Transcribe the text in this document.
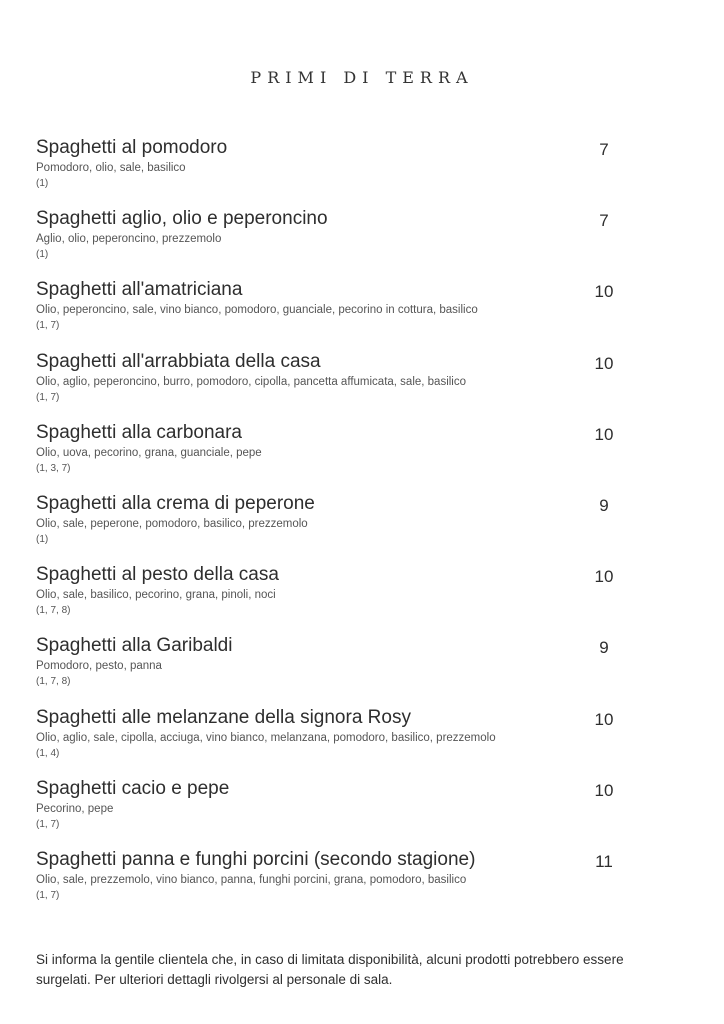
PRIMI DI TERRA
Spaghetti al pomodoro	7
Pomodoro, olio, sale, basilico
(1)
Spaghetti aglio, olio e peperoncino	7
Aglio, olio, peperoncino, prezzemolo
(1)
Spaghetti all'amatriciana	10
Olio, peperoncino, sale, vino bianco, pomodoro, guanciale, pecorino in cottura, basilico
(1, 7)
Spaghetti all'arrabbiata della casa	10
Olio, aglio, peperoncino, burro, pomodoro, cipolla, pancetta affumicata, sale, basilico
(1, 7)
Spaghetti alla carbonara	10
Olio, uova, pecorino, grana, guanciale, pepe
(1, 3, 7)
Spaghetti alla crema di peperone	9
Olio, sale, peperone, pomodoro, basilico, prezzemolo
(1)
Spaghetti al pesto della casa	10
Olio, sale, basilico, pecorino, grana, pinoli, noci
(1, 7, 8)
Spaghetti alla Garibaldi	9
Pomodoro, pesto, panna
(1, 7, 8)
Spaghetti alle melanzane della signora Rosy	10
Olio, aglio, sale, cipolla, acciuga, vino bianco, melanzana, pomodoro, basilico, prezzemolo
(1, 4)
Spaghetti cacio e pepe	10
Pecorino, pepe
(1, 7)
Spaghetti panna e funghi porcini (secondo stagione)	11
Olio, sale, prezzemolo, vino bianco, panna, funghi porcini, grana, pomodoro, basilico
(1, 7)
Si informa la gentile clientela che, in caso di limitata disponibilità, alcuni prodotti potrebbero essere surgelati. Per ulteriori dettagli rivolgersi al personale di sala.
